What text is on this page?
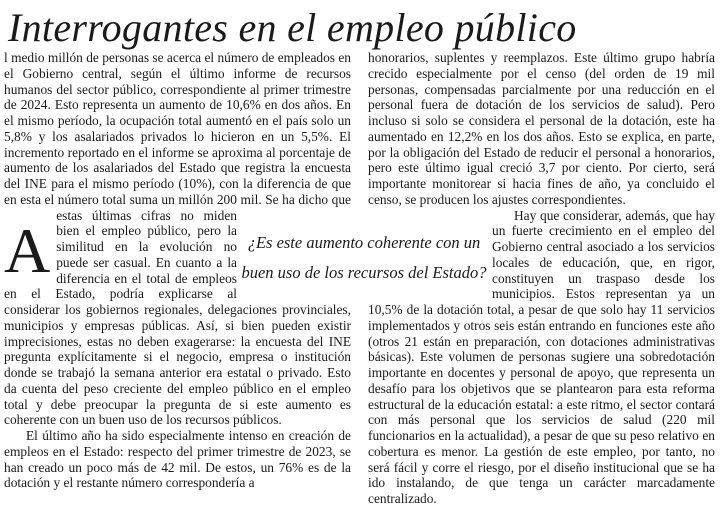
Interrogantes en el empleo público

A
l medio millón de personas se acerca el número de empleados en el Gobierno central, según el último informe de recursos humanos del sector público, correspondiente al primer trimestre de 2024. Esto representa un aumento de 10,6% en dos años. En el mismo período, la ocupación total aumentó en el país solo un 5,8% y los asalariados privados lo hicieron en un 5,5%. El incremento reportado en el informe se aproxima al porcentaje de aumento de los asalariados del Estado que registra la encuesta del INE para el mismo período (10%), con la diferencia de que en esta el número total suma un millón 200 mil. Se ha dicho que estas últimas cifras no miden bien el empleo público, pero la similitud en la evolución no puede ser casual. En cuanto a la diferencia en el total de empleos en el Estado, podría explicarse al considerar los gobiernos regionales, delegaciones provinciales, municipios y empresas públicas. Así, si bien pueden existir imprecisiones, estas no deben exagerarse: la encuesta del INE pregunta explícitamente si el negocio, empresa o institución donde se trabajó la semana anterior era estatal o privado. Esto da cuenta del peso creciente del empleo público en el empleo total y debe preocupar la pregunta de si este aumento es coherente con un buen uso de los recursos públicos.

El último año ha sido especialmente intenso en creación de empleos en el Estado: respecto del primer trimestre de 2023, se han creado un poco más de 42 mil. De estos, un 76% es de la dotación y el restante número correspondería a

honorarios, suplentes y reemplazos. Este último grupo habría crecido especialmente por el censo (del orden de 19 mil personas, compensadas parcialmente por una reducción en el personal fuera de dotación de los servicios de salud). Pero incluso si solo se considera el personal de la dotación, este ha aumentado en 12,2% en los dos años. Esto se explica, en parte, por la obligación del Estado de reducir el personal a honorarios, pero este último igual creció 3,7 por ciento. Por cierto, será importante monitorear si hacia fines de año, ya concluido el censo, se producen los ajustes correspondientes.

Hay que considerar, además, que hay un fuerte crecimiento en el empleo del Gobierno central asociado a los servicios locales de educación, que, en rigor, constituyen un traspaso desde los municipios. Estos representan ya un 10,5% de la dotación total, a pesar de que solo hay 11 servicios implementados y otros seis están entrando en funciones este año (otros 21 están en preparación, con dotaciones administrativas básicas). Este volumen de personas sugiere una sobredotación importante en docentes y personal de apoyo, que representa un desafío para los objetivos que se plantearon para esta reforma estructural de la educación estatal: a este ritmo, el sector contará con más personal que los servicios de salud (220 mil funcionarios en la actualidad), a pesar de que su peso relativo en cobertura es menor. La gestión de este empleo, por tanto, no será fácil y corre el riesgo, por el diseño institucional que se ha ido instalando, de que tenga un carácter marcadamente centralizado.

¿Es este aumento coherente con un buen uso de los recursos del Estado?
